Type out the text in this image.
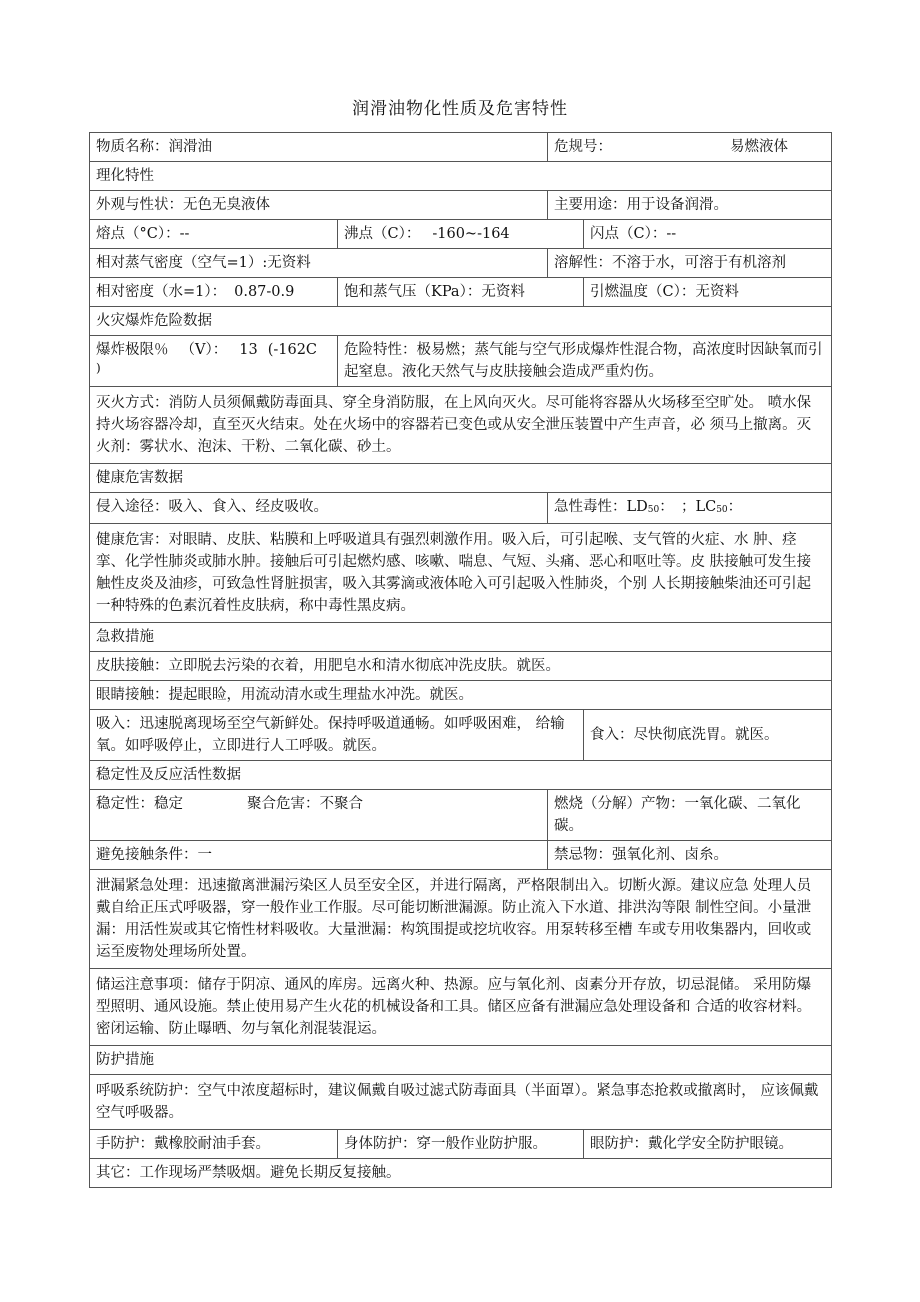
润滑油物化性质及危害特性
物质名称：润滑油		危规号： 易燃液体	
理化特性			
外观与性状：无色无臭液体		主要用途：用于设备润滑。	
熔点（°C）：--	沸点（C）： -160~-164		闪点（C）：--
相对蒸气密度（空气=1）:无资料		溶解性：不溶于水，可溶于有机溶剂	
相对密度（水=1）： 0.87-0.9	饱和蒸气压（KPa）：无资料		引燃温度（C）：无资料
火灾爆炸危险数据			

爆炸极限％ （V）： 13 (-162C
)	危险特性：极易燃；蒸气能与空气形成爆炸性混合物，高浓度时因缺氧而引起窒息。液化天然气与皮肤接触会造成严重灼伤。		
灭火方式：消防人员须佩戴防毒面具、穿全身消防服，在上风向灭火。尽可能将容器从火场移至空旷处。 喷水保持火场容器冷却，直至灭火结束。处在火场中的容器若已变色或从安全泄压装置中产生声音，必 须马上撤离。灭火剂：雾状水、泡沫、干粉、二氧化碳、砂土。			
健康危害数据			
侵入途径：吸入、食入、经皮吸收。		急性毒性：$LD_{50}$：　；$LC_{50}$：	
健康危害：对眼睛、皮肤、粘膜和上呼吸道具有强烈刺激作用。吸入后，可引起喉、支气管的火症、水 肿、痉挛、化学性肺炎或肺水肿。接触后可引起燃灼感、咳嗽、喘息、气短、头痛、恶心和呕吐等。皮 肤接触可发生接触性皮炎及油疹，可致急性肾脏损害，吸入其雾滴或液体呛入可引起吸入性肺炎，个别 人长期接触柴油还可引起一种特殊的色素沉着性皮肤病，称中毒性黑皮病。			
急救措施			
皮肤接触：立即脱去污染的衣着，用肥皂水和清水彻底冲洗皮肤。就医。			
眼睛接触：提起眼睑，用流动清水或生理盐水冲洗。就医。			
吸入：迅速脱离现场至空气新鲜处。保持呼吸道通畅。如呼吸困难， 给输氧。如呼吸停止，立即进行人工呼吸。就医。			食入：尽快彻底洗胃。就医。
稳定性及反应活性数据			
稳定性：稳定 聚合危害：不聚合		燃烧（分解）产物：一氧化碳、二氧化碳。	
避免接触条件：一		禁忌物：强氧化剂、卤糸。	
泄漏紧急处理：迅速撤离泄漏污染区人员至安全区，并进行隔离，严格限制出入。切断火源。建议应急 处理人员戴自给正压式呼吸器，穿一般作业工作服。尽可能切断泄漏源。防止流入下水道、排洪沟等限 制性空间。小量泄漏：用活性炭或其它惰性材料吸收。大量泄漏：构筑围提或挖坑收容。用泵转移至槽 车或专用收集器内，回收或运至废物处理场所处置。			
储运注意事项：储存于阴凉、通风的库房。远离火种、热源。应与氧化剂、卤素分开存放，切忌混储。 采用防爆型照明、通风设施。禁止使用易产生火花的机械设备和工具。储区应备有泄漏应急处理设备和 合适的收容材料。密闭运输、防止曝晒、勿与氧化剂混装混运。			
防护措施			
呼吸系统防护：空气中浓度超标时，建议佩戴自吸过滤式防毒面具（半面罩）。紧急事态抢救或撤离时， 应该佩戴空气呼吸器。			
手防护：戴橡胶耐油手套。	身体防护：穿一般作业防护服。		眼防护：戴化学安全防护眼镜。
其它：工作现场严禁吸烟。避免长期反复接触。			
